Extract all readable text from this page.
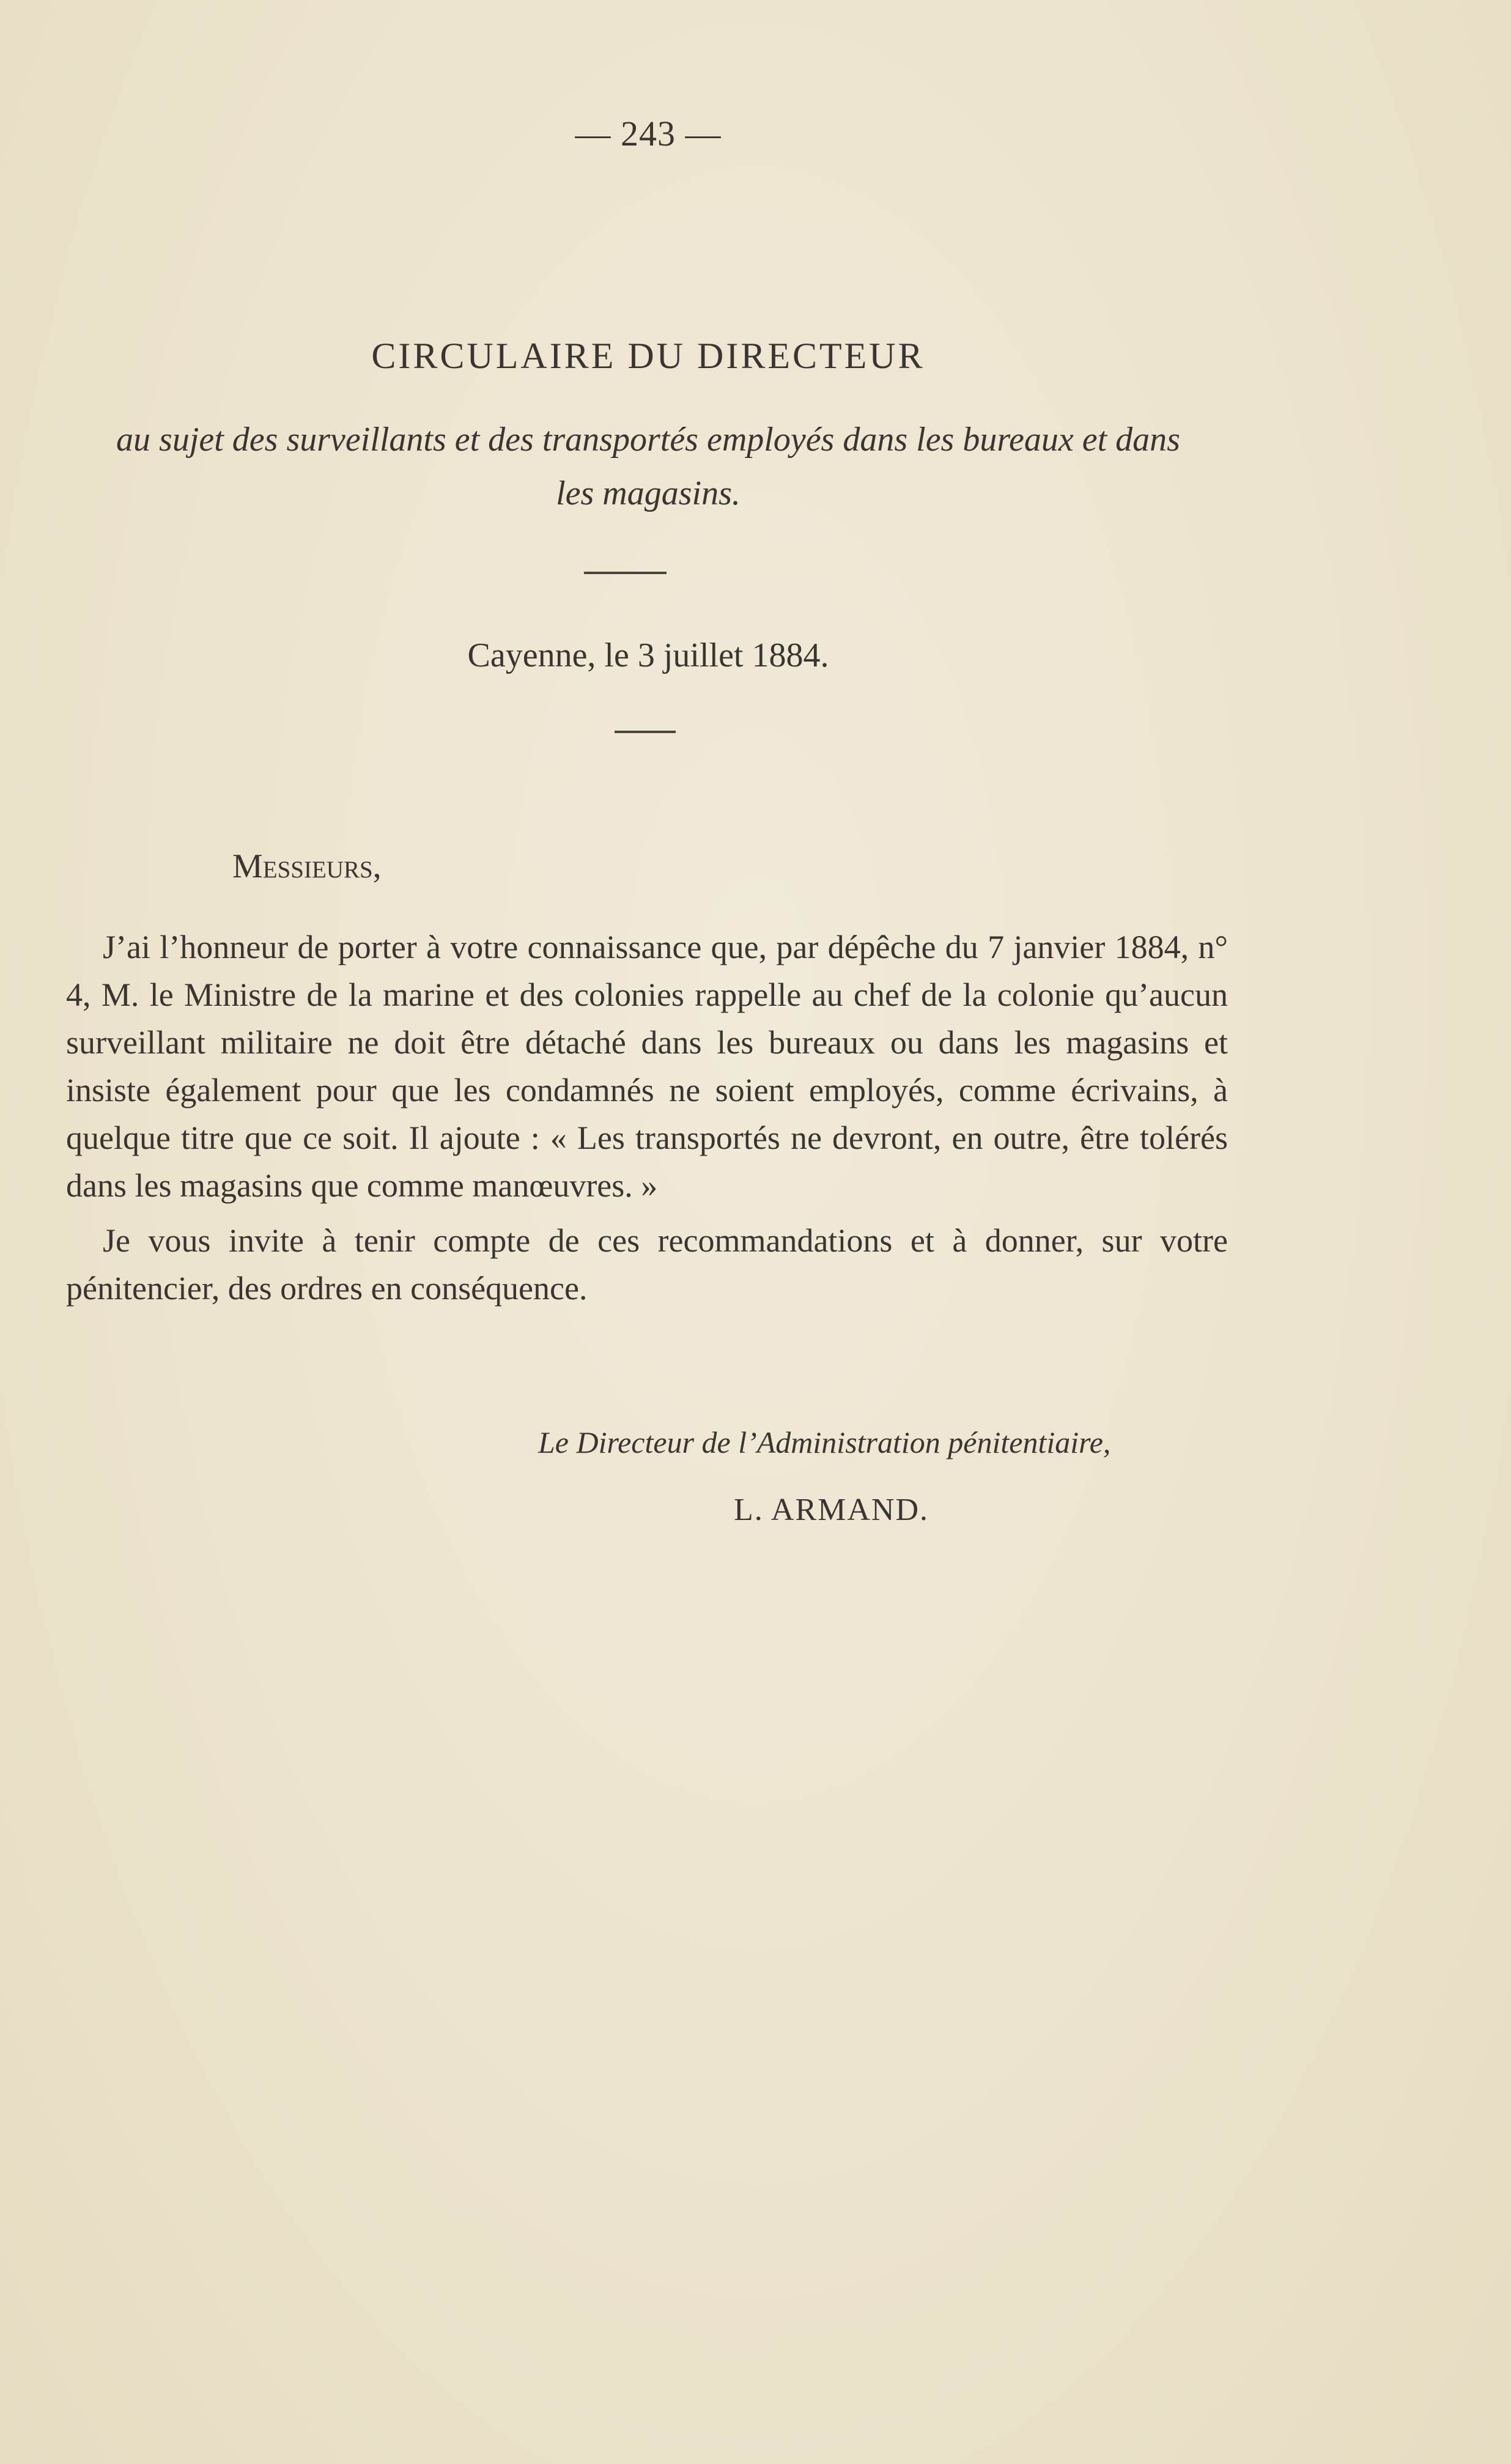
— 243 —
CIRCULAIRE DU DIRECTEUR
au sujet des surveillants et des transportés employés dans les bureaux et dans les magasins.
Cayenne, le 3 juillet 1884.
Messieurs,

J’ai l’honneur de porter à votre connaissance que, par dépêche du 7 janvier 1884, n° 4, M. le Ministre de la marine et des colonies rappelle au chef de la colonie qu’aucun surveillant militaire ne doit être détaché dans les bureaux ou dans les magasins et insiste également pour que les condamnés ne soient employés, comme écrivains, à quelque titre que ce soit. Il ajoute : « Les transportés ne devront, en outre, être tolérés dans les magasins que comme manœuvres. »

Je vous invite à tenir compte de ces recommandations et à donner, sur votre pénitencier, des ordres en conséquence.

Le Directeur de l’Administration pénitentiaire,
L. ARMAND.
